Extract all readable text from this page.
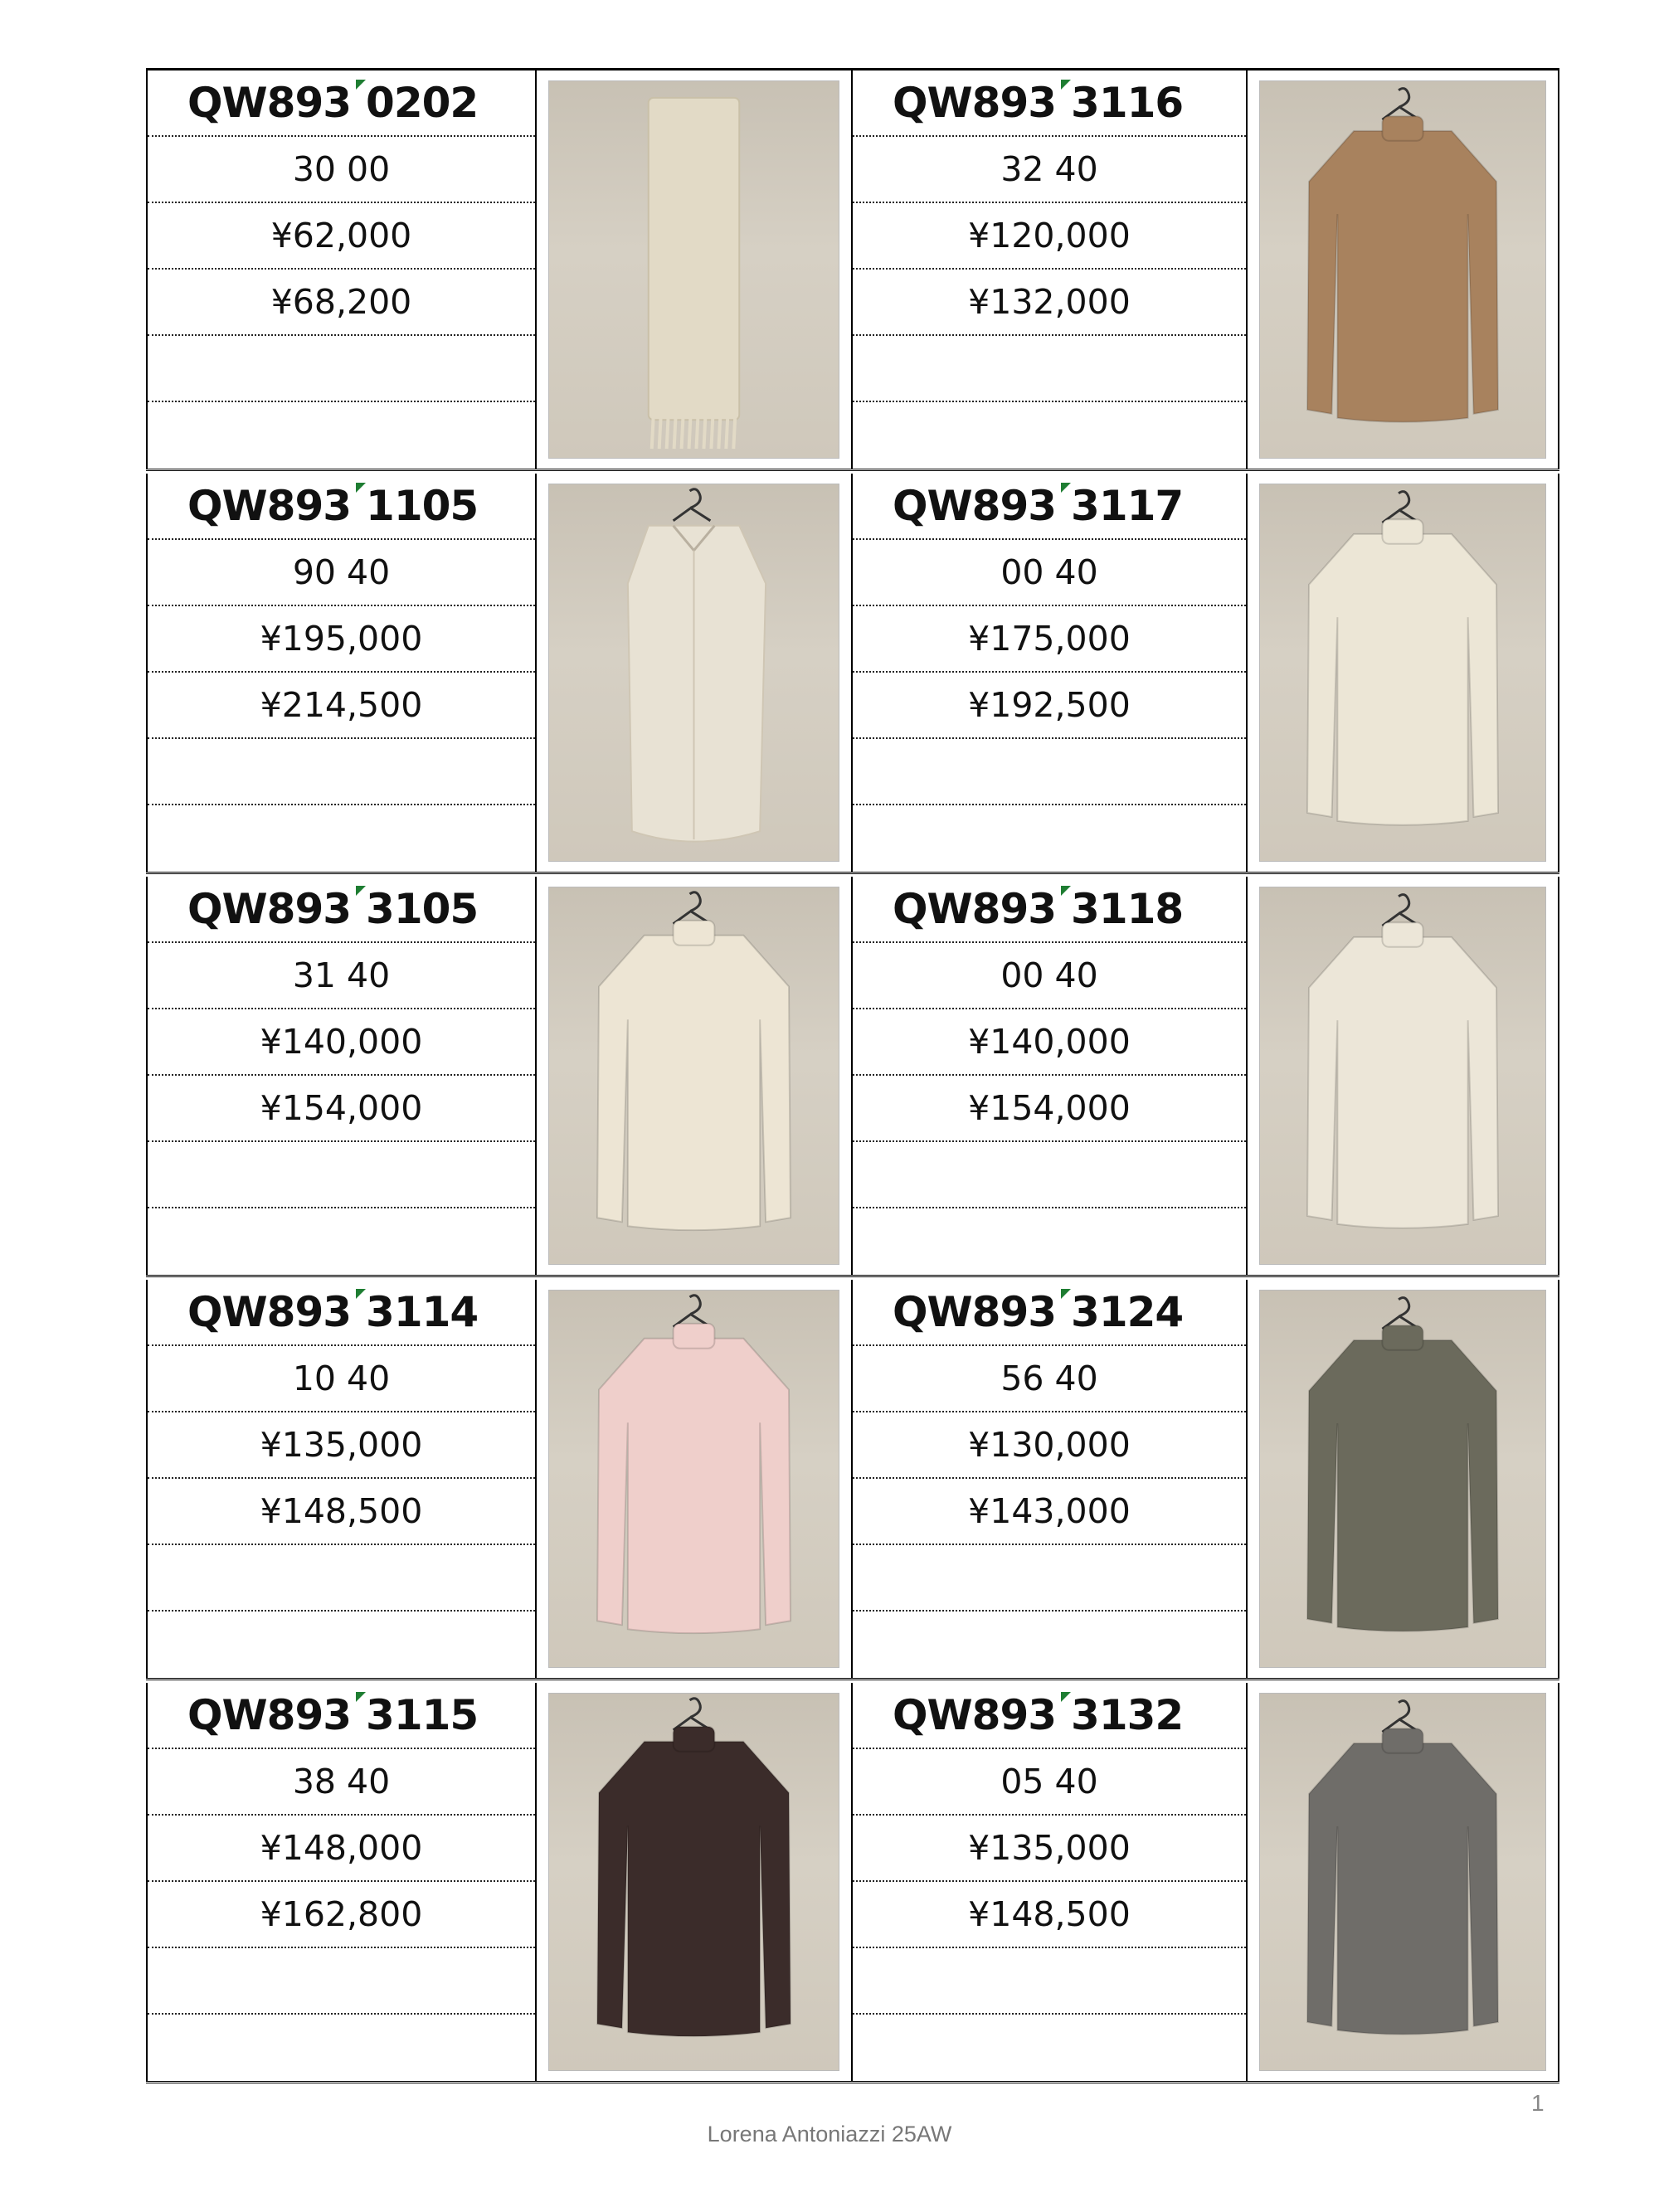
QW893 0202
30 00
¥62,000
¥68,200
QW893 3116
32 40
¥120,000
¥132,000
QW893 1105
90 40
¥195,000
¥214,500
QW893 3117
00 40
¥175,000
¥192,500
QW893 3105
31 40
¥140,000
¥154,000
QW893 3118
00 40
¥140,000
¥154,000
QW893 3114
10 40
¥135,000
¥148,500
QW893 3124
56 40
¥130,000
¥143,000
QW893 3115
38 40
¥148,000
¥162,800
QW893 3132
05 40
¥135,000
¥148,500
1
Lorena Antoniazzi 25AW
